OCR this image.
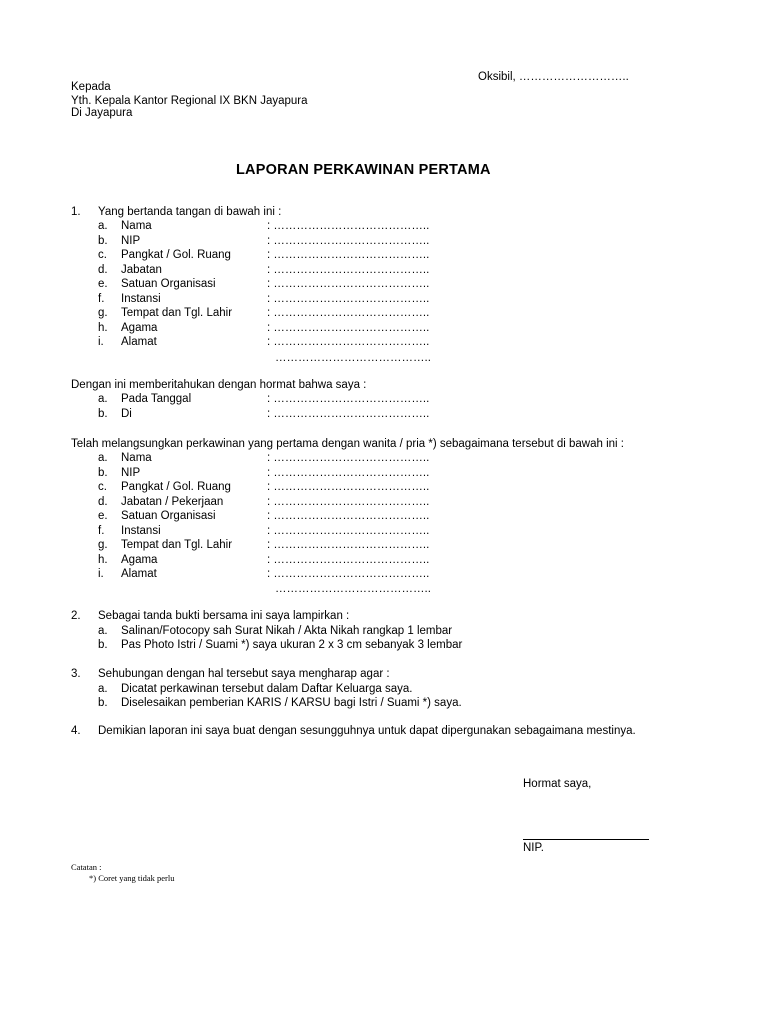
Oksibil, ………………………..
Kepada
Yth. Kepala Kantor Regional IX BKN Jayapura
Di Jayapura
LAPORAN PERKAWINAN PERTAMA
1. Yang bertanda tangan di bawah ini :
a. Nama	: …………………………………..
b. NIP	: …………………………………..
c. Pangkat / Gol. Ruang	: …………………………………..
d. Jabatan	: …………………………………..
e. Satuan Organisasi	: …………………………………..
f. Instansi	: …………………………………..
g. Tempat dan Tgl. Lahir	: …………………………………..
h. Agama	: …………………………………..
i. Alamat	: …………………………………..
…………………………………..
Dengan ini memberitahukan dengan hormat bahwa saya :
a. Pada Tanggal	: …………………………………..
b. Di	: …………………………………..
Telah melangsungkan perkawinan yang pertama dengan wanita / pria *) sebagaimana tersebut di bawah ini :
a. Nama	: …………………………………..
b. NIP	: …………………………………..
c. Pangkat / Gol. Ruang	: …………………………………..
d. Jabatan / Pekerjaan	: …………………………………..
e. Satuan Organisasi	: …………………………………..
f. Instansi	: …………………………………..
g. Tempat dan Tgl. Lahir	: …………………………………..
h. Agama	: …………………………………..
i. Alamat	: …………………………………..
…………………………………..
2. Sebagai tanda bukti bersama ini saya lampirkan :
a. Salinan/Fotocopy sah Surat Nikah / Akta Nikah rangkap 1 lembar
b. Pas Photo Istri / Suami *) saya ukuran 2 x 3 cm sebanyak 3 lembar
3. Sehubungan dengan hal tersebut saya mengharap agar :
a. Dicatat perkawinan tersebut dalam Daftar Keluarga saya.
b. Diselesaikan pemberian KARIS / KARSU bagi Istri / Suami *) saya.
4. Demikian laporan ini saya buat dengan sesungguhnya untuk dapat dipergunakan sebagaimana mestinya.
Hormat saya,
NIP.
Catatan :
*) Coret yang tidak perlu
